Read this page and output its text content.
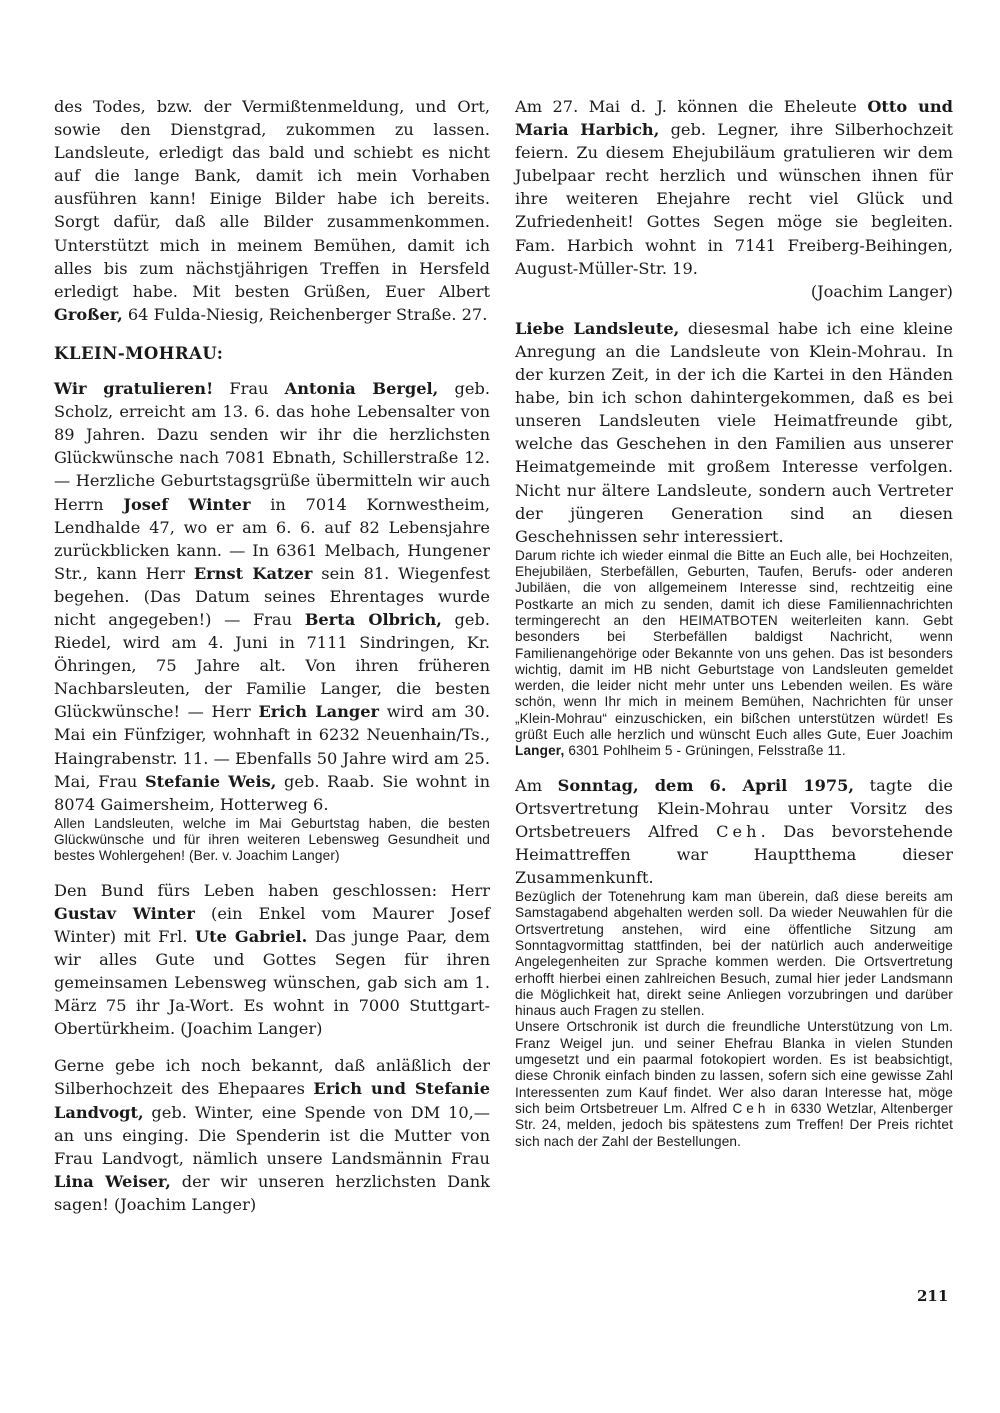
des Todes, bzw. der Vermißtenmeldung, und Ort, sowie den Dienstgrad, zukommen zu lassen. Landsleute, erledigt das bald und schiebt es nicht auf die lange Bank, damit ich mein Vorhaben ausführen kann! Einige Bilder habe ich bereits. Sorgt dafür, daß alle Bilder zusammenkommen. Unterstützt mich in meinem Bemühen, damit ich alles bis zum nächstjährigen Treffen in Hersfeld erledigt habe. Mit besten Grüßen, Euer Albert Großer, 64 Fulda-Niesig, Reichenberger Straße. 27.

KLEIN-MOHRAU:

Wir gratulieren! Frau Antonia Bergel, geb. Scholz, erreicht am 13. 6. das hohe Lebensalter von 89 Jahren. Dazu senden wir ihr die herzlichsten Glückwünsche nach 7081 Ebnath, Schillerstraße 12. — Herzliche Geburtstagsgrüße übermitteln wir auch Herrn Josef Winter in 7014 Kornwestheim, Lendhalde 47, wo er am 6. 6. auf 82 Lebensjahre zurückblicken kann. — In 6361 Melbach, Hungener Str., kann Herr Ernst Katzer sein 81. Wiegenfest begehen. (Das Datum seines Ehrentages wurde nicht angegeben!) — Frau Berta Olbrich, geb. Riedel, wird am 4. Juni in 7111 Sindringen, Kr. Öhringen, 75 Jahre alt. Von ihren früheren Nachbarsleuten, der Familie Langer, die besten Glückwünsche! — Herr Erich Langer wird am 30. Mai ein Fünfziger, wohnhaft in 6232 Neuenhain/Ts., Haingrabenstr. 11. — Ebenfalls 50 Jahre wird am 25. Mai, Frau Stefanie Weis, geb. Raab. Sie wohnt in 8074 Gaimersheim, Hotterweg 6.

Allen Landsleuten, welche im Mai Geburtstag haben, die besten Glückwünsche und für ihren weiteren Lebensweg Gesundheit und bestes Wohlergehen! (Ber. v. Joachim Langer)

Den Bund fürs Leben haben geschlossen: Herr Gustav Winter (ein Enkel vom Maurer Josef Winter) mit Frl. Ute Gabriel. Das junge Paar, dem wir alles Gute und Gottes Segen für ihren gemeinsamen Lebensweg wünschen, gab sich am 1. März 75 ihr Ja-Wort. Es wohnt in 7000 Stuttgart-Obertürkheim. (Joachim Langer)

Gerne gebe ich noch bekannt, daß anläßlich der Silberhochzeit des Ehepaares Erich und Stefanie Landvogt, geb. Winter, eine Spende von DM 10,— an uns einging. Die Spenderin ist die Mutter von Frau Landvogt, nämlich unsere Landsmännin Frau Lina Weiser, der wir unseren herzlichsten Dank sagen! (Joachim Langer)

Am 27. Mai d. J. können die Eheleute Otto und Maria Harbich, geb. Legner, ihre Silberhochzeit feiern. Zu diesem Ehejubiläum gratulieren wir dem Jubelpaar recht herzlich und wünschen ihnen für ihre weiteren Ehejahre recht viel Glück und Zufriedenheit! Gottes Segen möge sie begleiten. Fam. Harbich wohnt in 7141 Freiberg-Beihingen, August-Müller-Str. 19.

(Joachim Langer)

Liebe Landsleute, diesesmal habe ich eine kleine Anregung an die Landsleute von Klein-Mohrau. In der kurzen Zeit, in der ich die Kartei in den Händen habe, bin ich schon dahintergekommen, daß es bei unseren Landsleuten viele Heimatfreunde gibt, welche das Geschehen in den Familien aus unserer Heimatgemeinde mit großem Interesse verfolgen. Nicht nur ältere Landsleute, sondern auch Vertreter der jüngeren Generation sind an diesen Geschehnissen sehr interessiert.

Darum richte ich wieder einmal die Bitte an Euch alle, bei Hochzeiten, Ehejubiläen, Sterbefällen, Geburten, Taufen, Berufs- oder anderen Jubiläen, die von allgemeinem Interesse sind, rechtzeitig eine Postkarte an mich zu senden, damit ich diese Familiennachrichten termingerecht an den HEIMATBOTEN weiterleiten kann. Gebt besonders bei Sterbefällen baldigst Nachricht, wenn Familienangehörige oder Bekannte von uns gehen. Das ist besonders wichtig, damit im HB nicht Geburtstage von Landsleuten gemeldet werden, die leider nicht mehr unter uns Lebenden weilen. Es wäre schön, wenn Ihr mich in meinem Bemühen, Nachrichten für unser „Klein-Mohrau“ einzuschicken, ein bißchen unterstützen würdet! Es grüßt Euch alle herzlich und wünscht Euch alles Gute, Euer Joachim Langer, 6301 Pohlheim 5 - Grüningen, Felsstraße 11.

Am Sonntag, dem 6. April 1975, tagte die Ortsvertretung Klein-Mohrau unter Vorsitz des Ortsbetreuers Alfred Ceh. Das bevorstehende Heimattreffen war Hauptthema dieser Zusammenkunft.

Bezüglich der Totenehrung kam man überein, daß diese bereits am Samstagabend abgehalten werden soll. Da wieder Neuwahlen für die Ortsvertretung anstehen, wird eine öffentliche Sitzung am Sonntagvormittag stattfinden, bei der natürlich auch anderweitige Angelegenheiten zur Sprache kommen werden. Die Ortsvertretung erhofft hierbei einen zahlreichen Besuch, zumal hier jeder Landsmann die Möglichkeit hat, direkt seine Anliegen vorzubringen und darüber hinaus auch Fragen zu stellen.

Unsere Ortschronik ist durch die freundliche Unterstützung von Lm. Franz Weigel jun. und seiner Ehefrau Blanka in vielen Stunden umgesetzt und ein paarmal fotokopiert worden. Es ist beabsichtigt, diese Chronik einfach binden zu lassen, sofern sich eine gewisse Zahl Interessenten zum Kauf findet. Wer also daran Interesse hat, möge sich beim Ortsbetreuer Lm. Alfred Ceh in 6330 Wetzlar, Altenberger Str. 24, melden, jedoch bis spätestens zum Treffen! Der Preis richtet sich nach der Zahl der Bestellungen.

211
